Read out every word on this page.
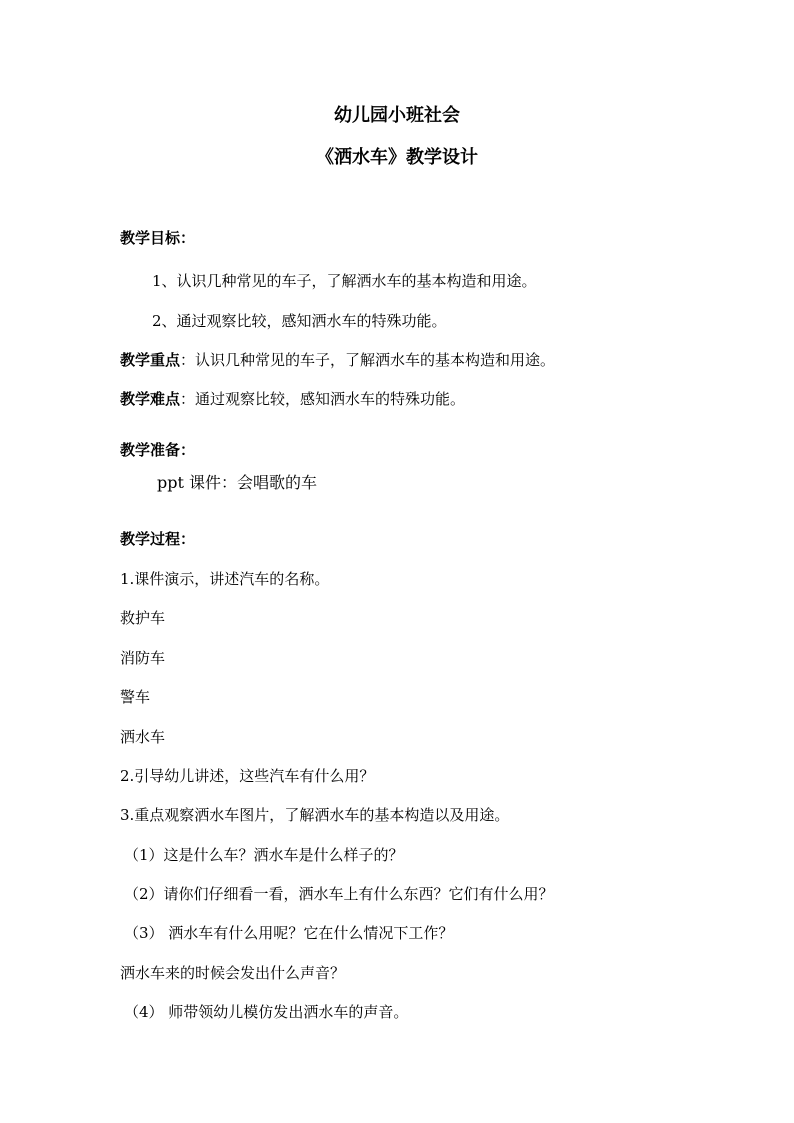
幼儿园小班社会
《洒水车》教学设计
教学目标：
1、认识几种常见的车子，了解洒水车的基本构造和用途。
2、通过观察比较，感知洒水车的特殊功能。
教学重点：认识几种常见的车子，了解洒水车的基本构造和用途。
教学难点：通过观察比较，感知洒水车的特殊功能。
教学准备：
ppt 课件：会唱歌的车
教学过程：
1.课件演示，讲述汽车的名称。
救护车
消防车
警车
洒水车
2.引导幼儿讲述，这些汽车有什么用？
3.重点观察洒水车图片，了解洒水车的基本构造以及用途。
（1）这是什么车？洒水车是什么样子的？
（2）请你们仔细看一看，洒水车上有什么东西？它们有什么用？
（3） 洒水车有什么用呢？它在什么情况下工作？
洒水车来的时候会发出什么声音？
（4） 师带领幼儿模仿发出洒水车的声音。
